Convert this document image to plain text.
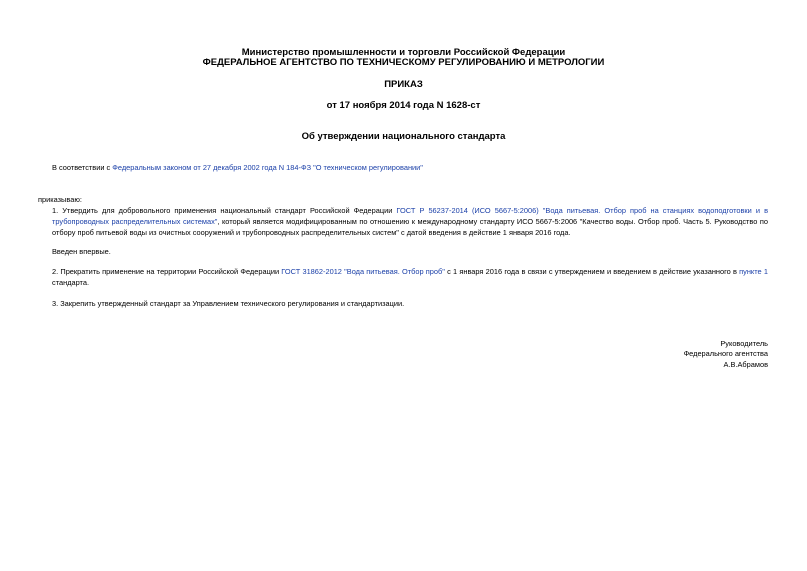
Министерство промышленности и торговли Российской Федерации
ФЕДЕРАЛЬНОЕ АГЕНТСТВО ПО ТЕХНИЧЕСКОМУ РЕГУЛИРОВАНИЮ И МЕТРОЛОГИИ
ПРИКАЗ
от 17 ноября 2014 года N 1628-ст
Об утверждении национального стандарта
В соответствии с Федеральным законом от 27 декабря 2002 года N 184-ФЗ "О техническом регулировании"
приказываю:
1. Утвердить для добровольного применения национальный стандарт Российской Федерации ГОСТ Р 56237-2014 (ИСО 5667-5:2006) "Вода питьевая. Отбор проб на станциях водоподготовки и в трубопроводных распределительных системах", который является модифицированным по отношению к международному стандарту ИСО 5667-5:2006 "Качество воды. Отбор проб. Часть 5. Руководство по отбору проб питьевой воды из очистных сооружений и трубопроводных распределительных систем" с датой введения в действие 1 января 2016 года.
Введен впервые.
2. Прекратить применение на территории Российской Федерации ГОСТ 31862-2012 "Вода питьевая. Отбор проб" с 1 января 2016 года в связи с утверждением и введением в действие указанного в пункте 1 стандарта.
3. Закрепить утвержденный стандарт за Управлением технического регулирования и стандартизации.
Руководитель
Федерального агентства
А.В.Абрамов
